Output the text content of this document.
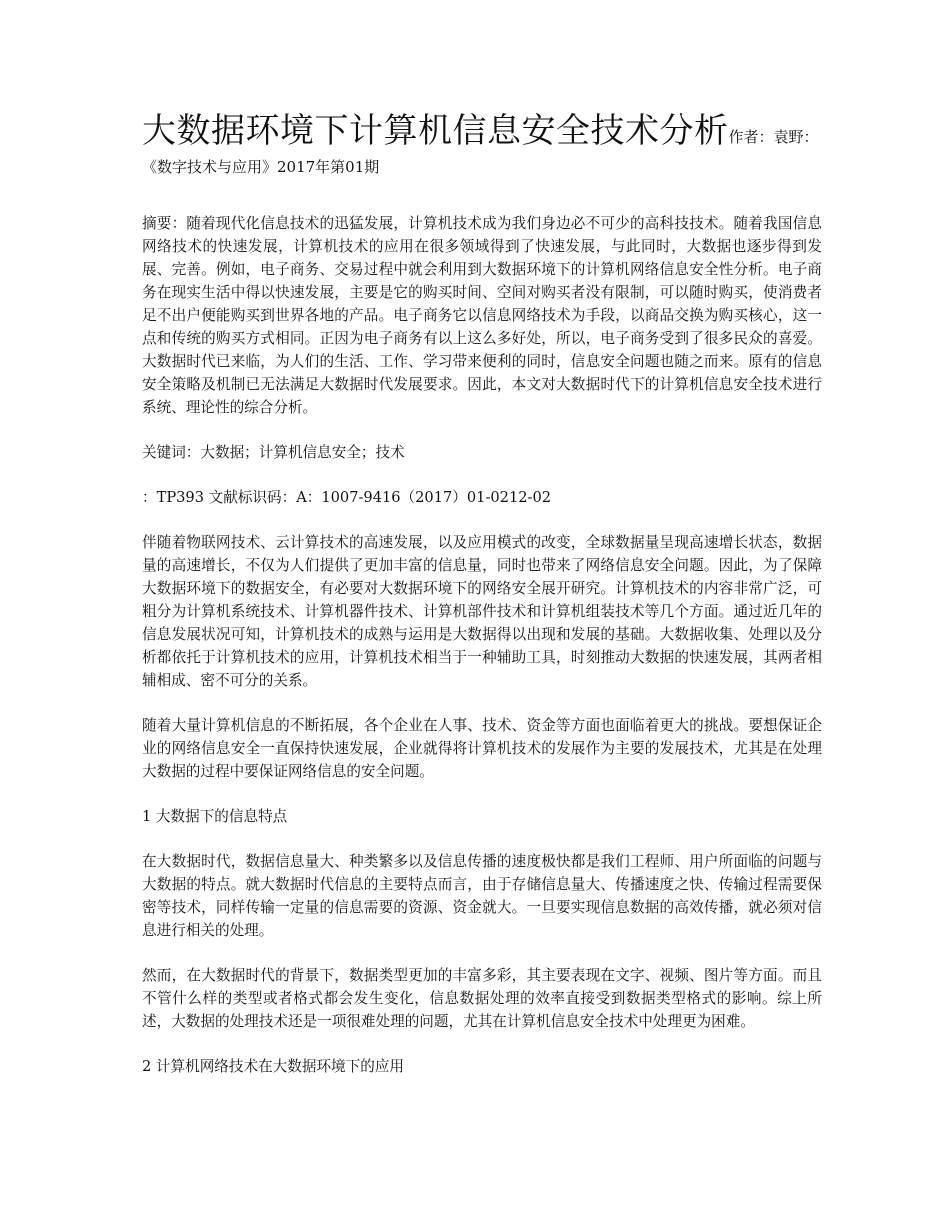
大数据环境下计算机信息安全技术分析作者：袁野：《数字技术与应用》2017年第01期

摘要：随着现代化信息技术的迅猛发展，计算机技术成为我们身边必不可少的高科技技术。随着我国信息网络技术的快速发展，计算机技术的应用在很多领域得到了快速发展，与此同时，大数据也逐步得到发展、完善。例如，电子商务、交易过程中就会利用到大数据环境下的计算机网络信息安全性分析。电子商务在现实生活中得以快速发展，主要是它的购买时间、空间对购买者没有限制，可以随时购买，使消费者足不出户便能购买到世界各地的产品。电子商务它以信息网络技术为手段，以商品交换为购买核心，这一点和传统的购买方式相同。正因为电子商务有以上这么多好处，所以，电子商务受到了很多民众的喜爱。大数据时代已来临，为人们的生活、工作、学习带来便利的同时，信息安全问题也随之而来。原有的信息安全策略及机制已无法满足大数据时代发展要求。因此，本文对大数据时代下的计算机信息安全技术进行系统、理论性的综合分析。

关键词：大数据；计算机信息安全；技术

：TP393 文献标识码：A：1007-9416（2017）01-0212-02

伴随着物联网技术、云计算技术的高速发展，以及应用模式的改变，全球数据量呈现高速增长状态，数据量的高速增长，不仅为人们提供了更加丰富的信息量，同时也带来了网络信息安全问题。因此，为了保障大数据环境下的数据安全，有必要对大数据环境下的网络安全展开研究。计算机技术的内容非常广泛，可粗分为计算机系统技术、计算机器件技术、计算机部件技术和计算机组装技术等几个方面。通过近几年的信息发展状况可知，计算机技术的成熟与运用是大数据得以出现和发展的基础。大数据收集、处理以及分析都依托于计算机技术的应用，计算机技术相当于一种辅助工具，时刻推动大数据的快速发展，其两者相辅相成、密不可分的关系。

随着大量计算机信息的不断拓展，各个企业在人事、技术、资金等方面也面临着更大的挑战。要想保证企业的网络信息安全一直保持快速发展，企业就得将计算机技术的发展作为主要的发展技术，尤其是在处理大数据的过程中要保证网络信息的安全问题。

1 大数据下的信息特点

在大数据时代，数据信息量大、种类繁多以及信息传播的速度极快都是我们工程师、用户所面临的问题与大数据的特点。就大数据时代信息的主要特点而言，由于存储信息量大、传播速度之快、传输过程需要保密等技术，同样传输一定量的信息需要的资源、资金就大。一旦要实现信息数据的高效传播，就必须对信息进行相关的处理。

然而，在大数据时代的背景下，数据类型更加的丰富多彩，其主要表现在文字、视频、图片等方面。而且不管什么样的类型或者格式都会发生变化，信息数据处理的效率直接受到数据类型格式的影响。综上所述，大数据的处理技术还是一项很难处理的问题，尤其在计算机信息安全技术中处理更为困难。

2 计算机网络技术在大数据环境下的应用
